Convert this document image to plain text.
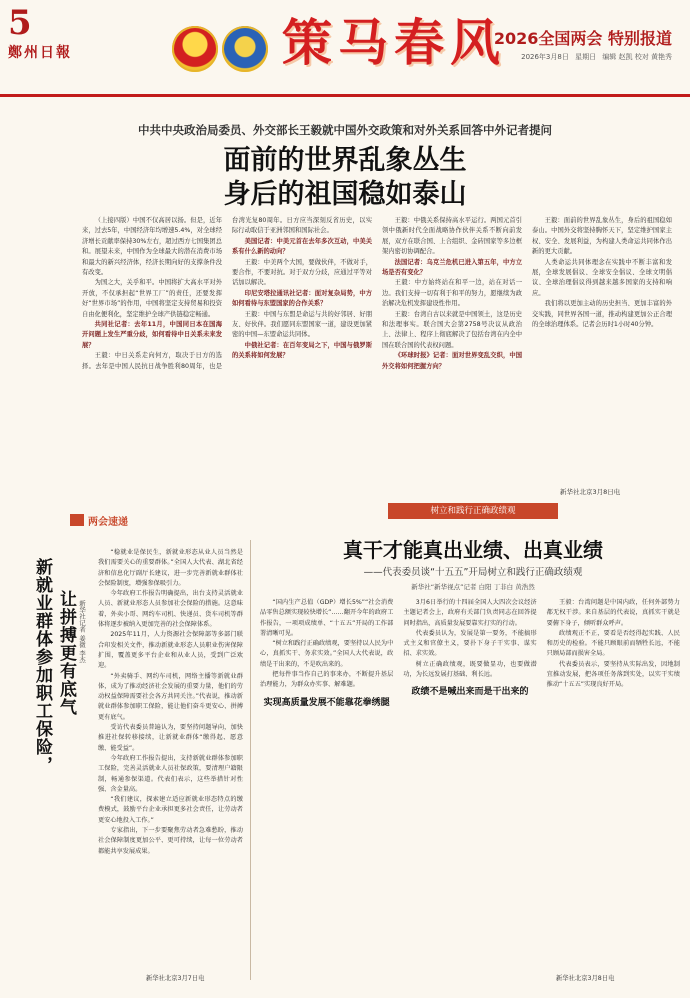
5
鄭州日報	策马春风
2026全国两会 特别报道
2026年3月8日 星期日 编辑 赵凯 校对 黄艳秀
中共中央政治局委员、外交部长王毅就中国外交政策和对外关系回答中外记者提问
面前的世界乱象丛生
身后的祖国稳如泰山

（上接四版）中国不仅高居以扬。但是，近年来，过去5年，中国经济年均增速5.4%，对全球经济增长贡献率保持30%左右，超过西方七国集团总和。展望未来，中国作为全球最大的潜在消费市场和最大的新兴经济体，经济长期向好的支撑条件没有改变。

为国之大，关乎和平。中国将扩大高水平对外开放，不仅承担起“世界工厂”的责任，还要发挥好“世界市场”的作用，中国将坚定支持贸易和投资自由化便利化，坚定维护全球产供链稳定畅通。

共同社记者：去年11月，中国同日本在国海开问题上发生严重分歧，如何看待中日关系未来发展？

王毅：中日关系走向何方，取决于日方的选择。去年是中国人民抗日战争胜利80周年，也是台湾光复80周年。日方应当深刻反省历史，以实际行动取信于亚洲邻国和国际社会。

美国记者：中美元首在去年多次互动，中美关系有什么新的动向？

王毅：中美两个大国，要做伙伴，不做对手，要合作，不要对抗。对于双方分歧，应通过平等对话加以解决。

印尼安塔拉通讯社记者：面对复杂局势，中方如何看待与东盟国家的合作关系？

王毅：中国与东盟是命运与共的好邻居、好朋友、好伙伴。我们愿同东盟国家一道，建设更加紧密的中国—东盟命运共同体。

中俄社记者：在百年变局之下，中国与俄罗斯的关系将如何发展？

王毅：中俄关系保持高水平运行。两国元首引领中俄新时代全面战略协作伙伴关系不断向前发展，双方在联合国、上合组织、金砖国家等多边框架内密切协调配合。

法国记者：乌克兰危机已进入第五年，中方立场是否有变化？

王毅：中方始终站在和平一边，站在对话一边。我们支持一切有利于和平的努力，愿继续为政治解决危机发挥建设性作用。

王毅：台湾自古以来就是中国领土，这是历史和法理事实。联合国大会第2758号决议从政治上、法律上、程序上彻底解决了包括台湾在内全中国在联合国的代表权问题。

《环球时报》记者：面对世界变乱交织，中国外交将如何把握方向？

王毅：面前的世界乱象丛生，身后的祖国稳如泰山。中国外交将坚持胸怀天下，坚定维护国家主权、安全、发展利益，为构建人类命运共同体作出新的更大贡献。

人类命运共同体理念在实践中不断丰富和发展，全球发展倡议、全球安全倡议、全球文明倡议、全球治理倡议得到越来越多国家的支持和响应。

我们将以更加主动的历史担当、更加丰富的外交实践，同世界各国一道，推动构建更加公正合理的全球治理体系。记者会历时1小时40分钟。

新华社北京3月8日电
树立和践行正确政绩观
两会速递
新就业群体参加职工保险， 让拼搏更有底气 新华社记者 姜微 李杰

“稳就业是保民生，新就业形态从业人员当然是我们需要关心的重要群体。”全国人大代表、湖北省经济和信息化厅副厅长建议，进一步完善新就业群体社会保险制度，增强参保吸引力。

今年政府工作报告明确提出，出台支持灵活就业人员、新就业形态人员参加社会保险的措施。这意味着，外卖小哥、网约车司机、快递员、货车司机等群体将逐步被纳入更加完善的社会保障体系。

2025年11月，人力资源社会保障部等多部门联合印发相关文件，推动新就业形态人员职业伤害保障扩围，覆盖更多平台企业和从业人员，受到广泛欢迎。

“外卖骑手、网约车司机，网络主播等新就业群体，成为了推动经济社会发展的重要力量，他们的劳动权益保障需要社会各方共同关注。”代表说，推动新就业群体参加职工保险，能让他们奋斗更安心、拼搏更有底气。

受访代表委员普遍认为，要坚持问题导向，加快推进社保转移接续，让新就业群体“缴得起、愿意缴、能受益”。

今年政府工作报告提出，支持新就业群体参加职工保险，完善灵活就业人员社保政策，要清理户籍限制，畅通参保渠道。代表们表示，这些举措针对性强、含金量高。

“我们建议，探索建立适应新就业形态特点的缴费模式，鼓励平台企业承担更多社会责任，让劳动者更安心地投入工作。”

专家指出，下一步要聚焦劳动者急难愁盼，推动社会保障制度更加公平、更可持续，让每一位劳动者都能共享发展成果。

新华社北京3月7日电
真干才能真出业绩、出真业绩
——代表委员谈“十五五”开局树立和践行正确政绩观
新华社“新华视点”记者 白阳 丁非白 黄浩然

“国内生产总值（GDP）增长5%”“社会消费品零售总额实现较快增长”……翻开今年的政府工作报告，一项项成绩单、“十五五”开局的工作部署清晰可见。

“树立和践行正确政绩观，要坚持以人民为中心，真抓实干、务求实效。”全国人大代表说，政绩是干出来的，不是吹出来的。

把每件事当作自己的事来办，不断提升基层治理能力，为群众办实事、解难题。

实现高质量发展不能靠花拳绣腿

3月6日举行的十四届全国人大四次会议经济主题记者会上，政府有关部门负责同志在回答提问时指出，高质量发展要靠实打实的行动。

代表委员认为，发展是第一要务，不能搞形式主义和官僚主义，要扑下身子干实事、谋实招、求实效。

树立正确政绩观，既要做显功，也要做潜功，为长远发展打基础、利长远。

政绩不是喊出来而是干出来的

王毅：台湾问题是中国内政，任何外部势力都无权干涉。来自基层的代表说，真抓实干就是要俯下身子，倾听群众呼声。

政绩观正不正，要看是否经得起实践、人民和历史的检验。不能只顾眼前而牺牲长远，不能只顾局部而损害全局。

代表委员表示，要坚持从实际出发，因地制宜推动发展，把各项任务落到实处，以实干实绩推动“十五五”实现良好开局。

新华社北京3月8日电
